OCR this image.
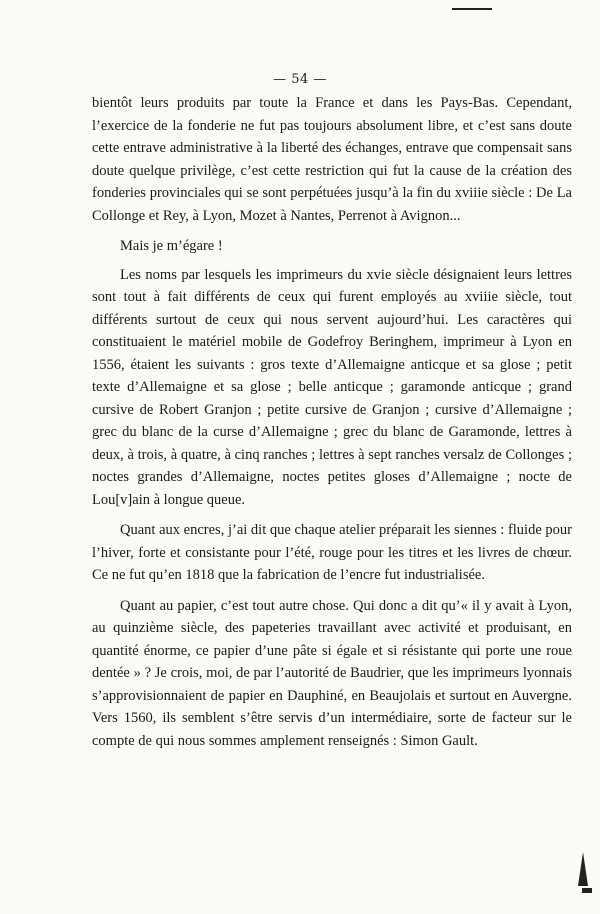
— 54 —

bientôt leurs produits par toute la France et dans les Pays-Bas. Cependant, l’exercice de la fonderie ne fut pas toujours absolument libre, et c’est sans doute cette entrave administrative à la liberté des échanges, entrave que compensait sans doute quelque privilège, c’est cette restriction qui fut la cause de la création des fonderies provinciales qui se sont perpétuées jusqu’à la fin du xviiie siècle : De La Collonge et Rey, à Lyon, Mozet à Nantes, Perrenot à Avignon...

Mais je m’égare !

Les noms par lesquels les imprimeurs du xvie siècle désignaient leurs lettres sont tout à fait différents de ceux qui furent employés au xviiie siècle, tout différents surtout de ceux qui nous servent aujourd’hui. Les caractères qui constituaient le matériel mobile de Godefroy Beringhem, imprimeur à Lyon en 1556, étaient les suivants : gros texte d’Allemaigne anticque et sa glose ; petit texte d’Allemaigne et sa glose ; belle anticque ; garamonde anticque ; grand cursive de Robert Granjon ; petite cursive de Granjon ; cursive d’Allemaigne ; grec du blanc de la curse d’Allemaigne ; grec du blanc de Garamonde, lettres à deux, à trois, à quatre, à cinq ranches ; lettres à sept ranches versalz de Collonges ; noctes grandes d’Allemaigne, noctes petites gloses d’Allemaigne ; nocte de Lou[v]ain à longue queue.

Quant aux encres, j’ai dit que chaque atelier préparait les siennes : fluide pour l’hiver, forte et consistante pour l’été, rouge pour les titres et les livres de chœur. Ce ne fut qu’en 1818 que la fabrication de l’encre fut industrialisée.

Quant au papier, c’est tout autre chose. Qui donc a dit qu’« il y avait à Lyon, au quinzième siècle, des papeteries travaillant avec activité et produisant, en quantité énorme, ce papier d’une pâte si égale et si résistante qui porte une roue dentée » ? Je crois, moi, de par l’autorité de Baudrier, que les imprimeurs lyonnais s’approvisionnaient de papier en Dauphiné, en Beaujolais et surtout en Auvergne. Vers 1560, ils semblent s’être servis d’un intermédiaire, sorte de facteur sur le compte de qui nous sommes amplement renseignés : Simon Gault.
